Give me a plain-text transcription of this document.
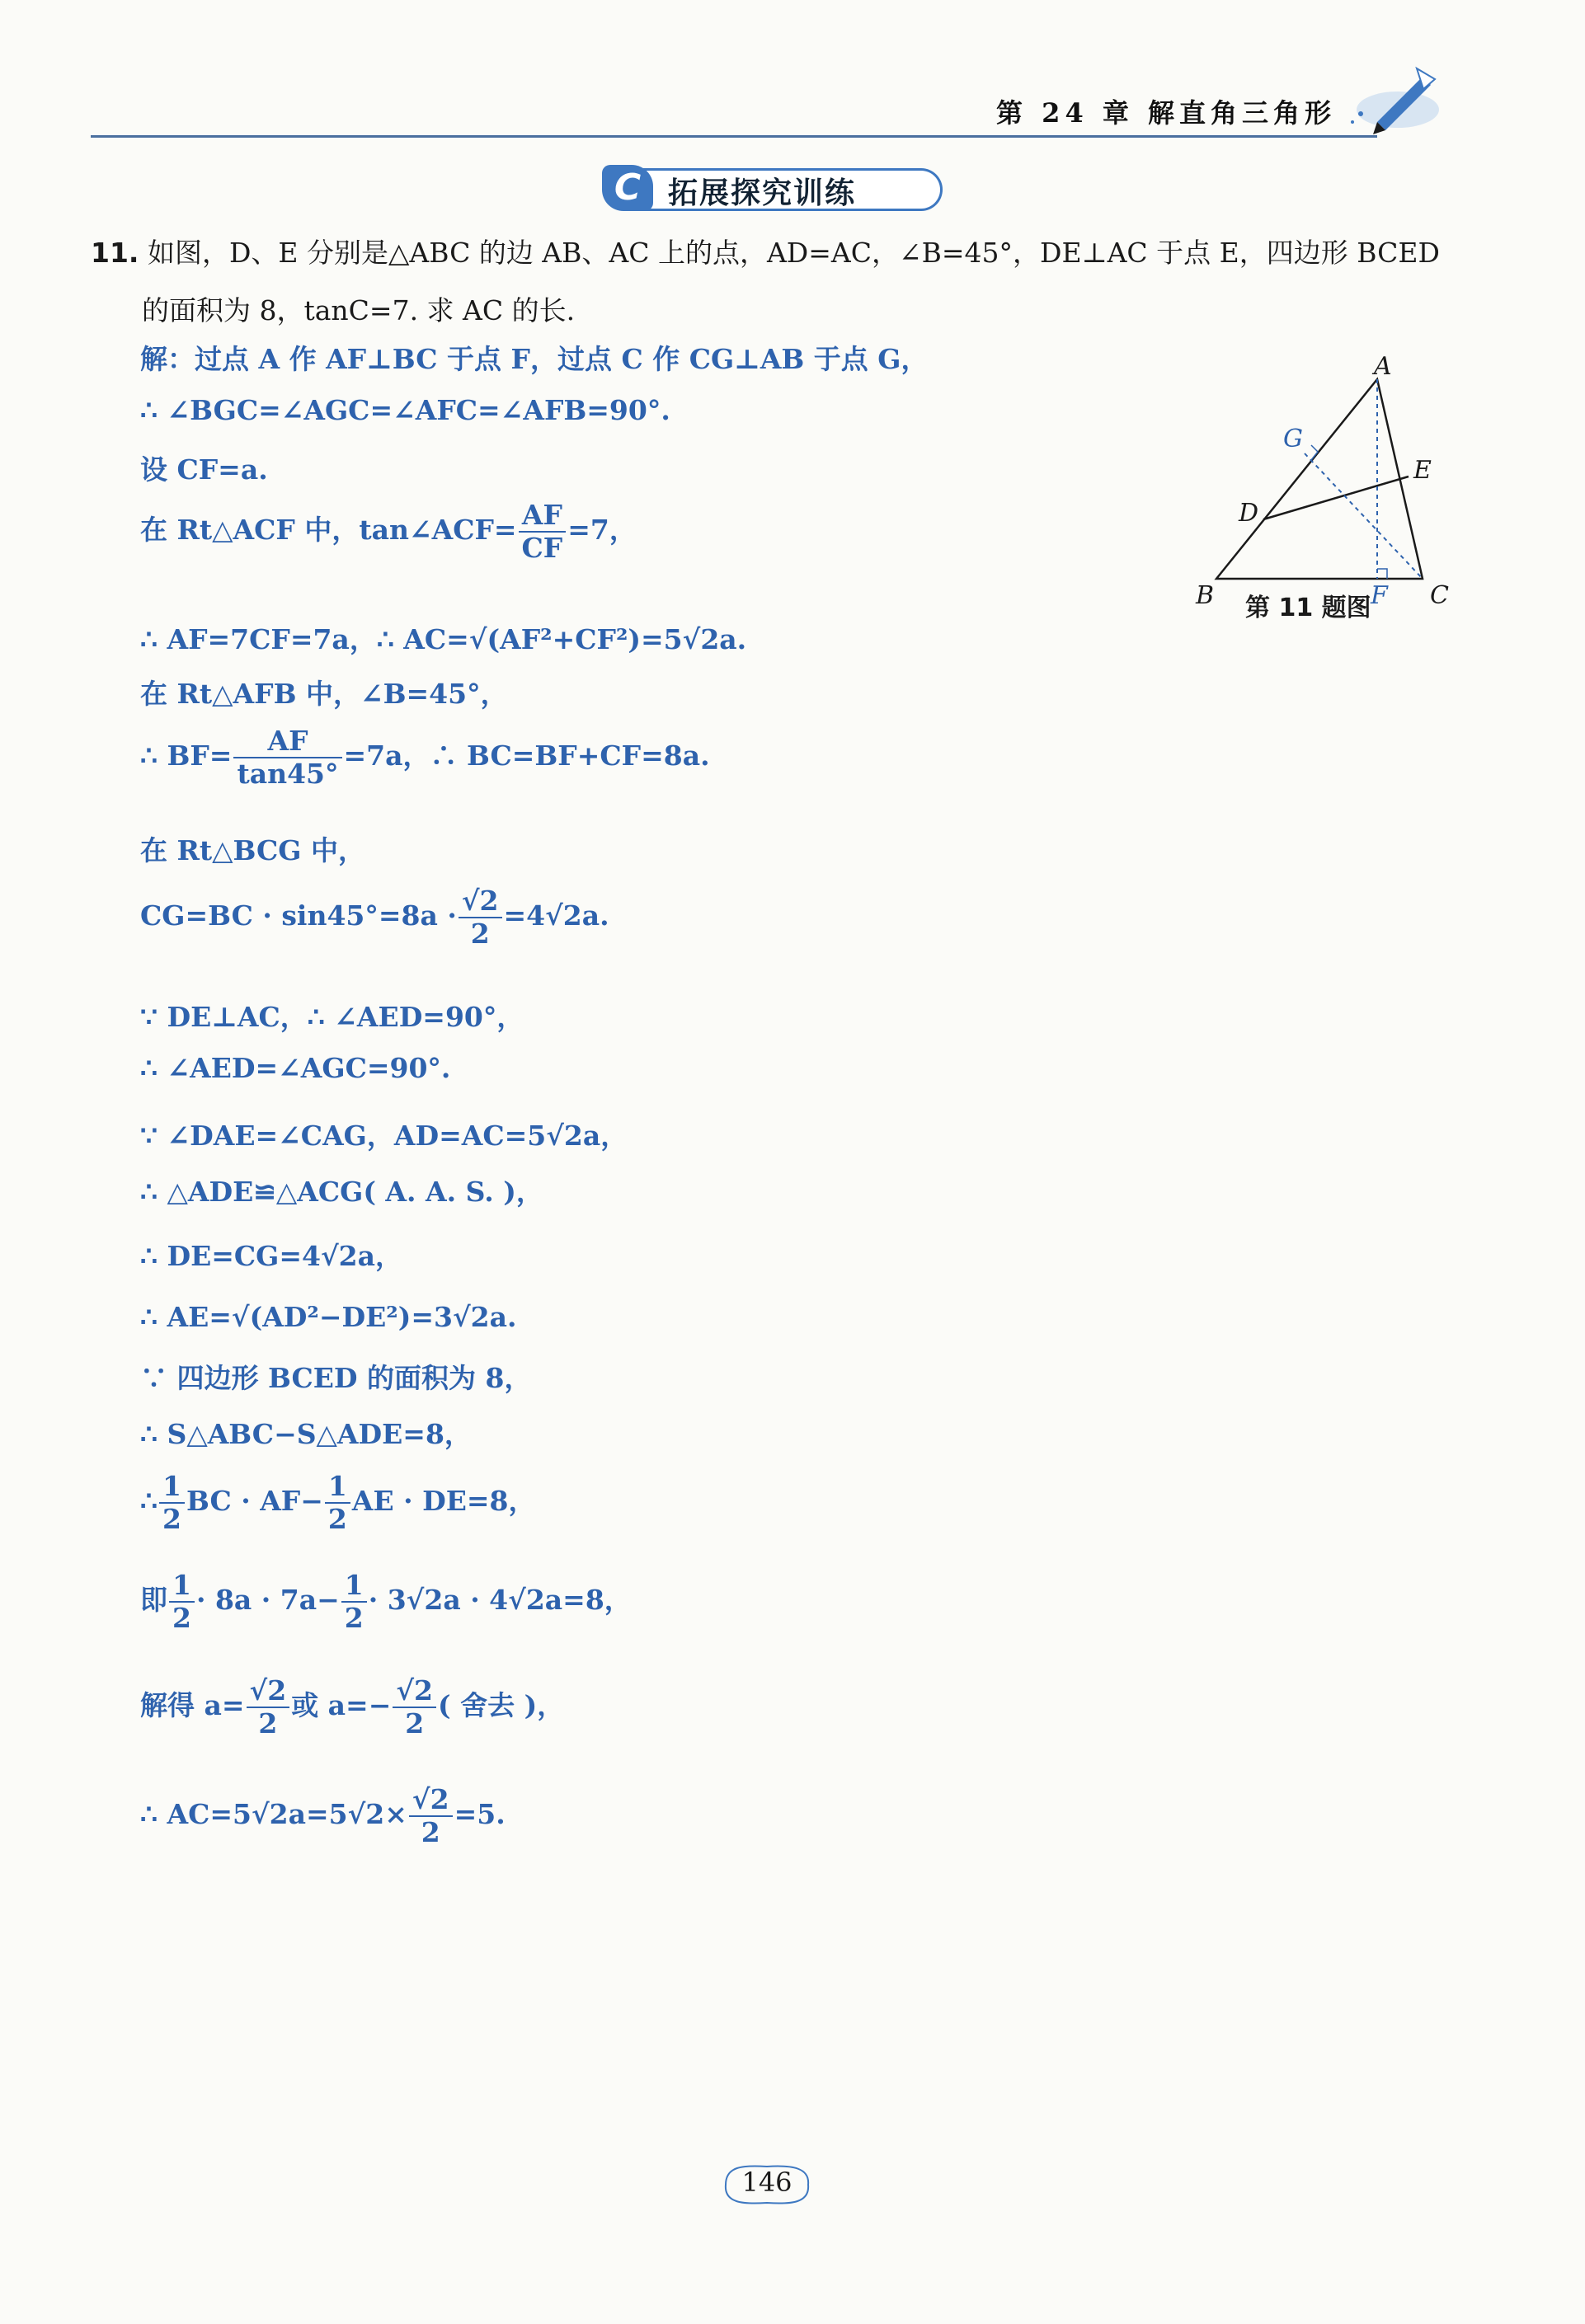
第 24 章 解直角三角形
C 拓展探究训练
11. 如图，D、E 分别是△ABC 的边 AB、AC 上的点，AD=AC，∠B=45°，DE⊥AC 于点 E，四边形 BCED
的面积为 8，tanC=7. 求 AC 的长.
解：过点 A 作 AF⊥BC 于点 F，过点 C 作 CG⊥AB 于点 G，
∴ ∠BGC=∠AGC=∠AFC=∠AFB=90°.
设 CF=a.
在 Rt△ACF 中，tan∠ACF= $\frac{AF}{CF} =7$，
∴ AF=7CF=7a，∴ AC=√(AF²+CF²)=5√2a.
在 Rt△AFB 中，∠B=45°，
∴ $BF= \frac{AF}{\tan 45^\circ} =7a$，∴ BC=BF+CF=8a.
在 Rt△BCG 中，
$CG=BC \cdot \sin 45^\circ=8a \cdot \frac{√2}{2} =4√2a$.
∵ DE⊥AC，∴ ∠AED=90°，
∴ ∠AED=∠AGC=90°.
∵ ∠DAE=∠CAG，AD=AC=5√2a，
∴ △ADE≌△ACG( A. A. S. )，
∴ DE=CG=4√2a，
∴ AE=√(AD²−DE²)=3√2a.
∵ 四边形 BCED 的面积为 8，
∴ S△ABC−S△ADE=8，
∴ $\frac{1}{2}$ BC · $AF- \frac{1}{2}$ AE · DE=8，
即 $\frac{1}{2} \cdot 8a \cdot 7a- \frac{1}{2} \cdot 3√2a \cdot 4√2a=8$，
解得 $a= \frac{√2}{2}$ 或 $a=- \frac{√2}{2}$ ( 舍去 )，
∴ $AC=5√2a=5√2\times \frac{√2}{2} =5$.
A
B	C
D
E
F
G
第 11 题图
146
